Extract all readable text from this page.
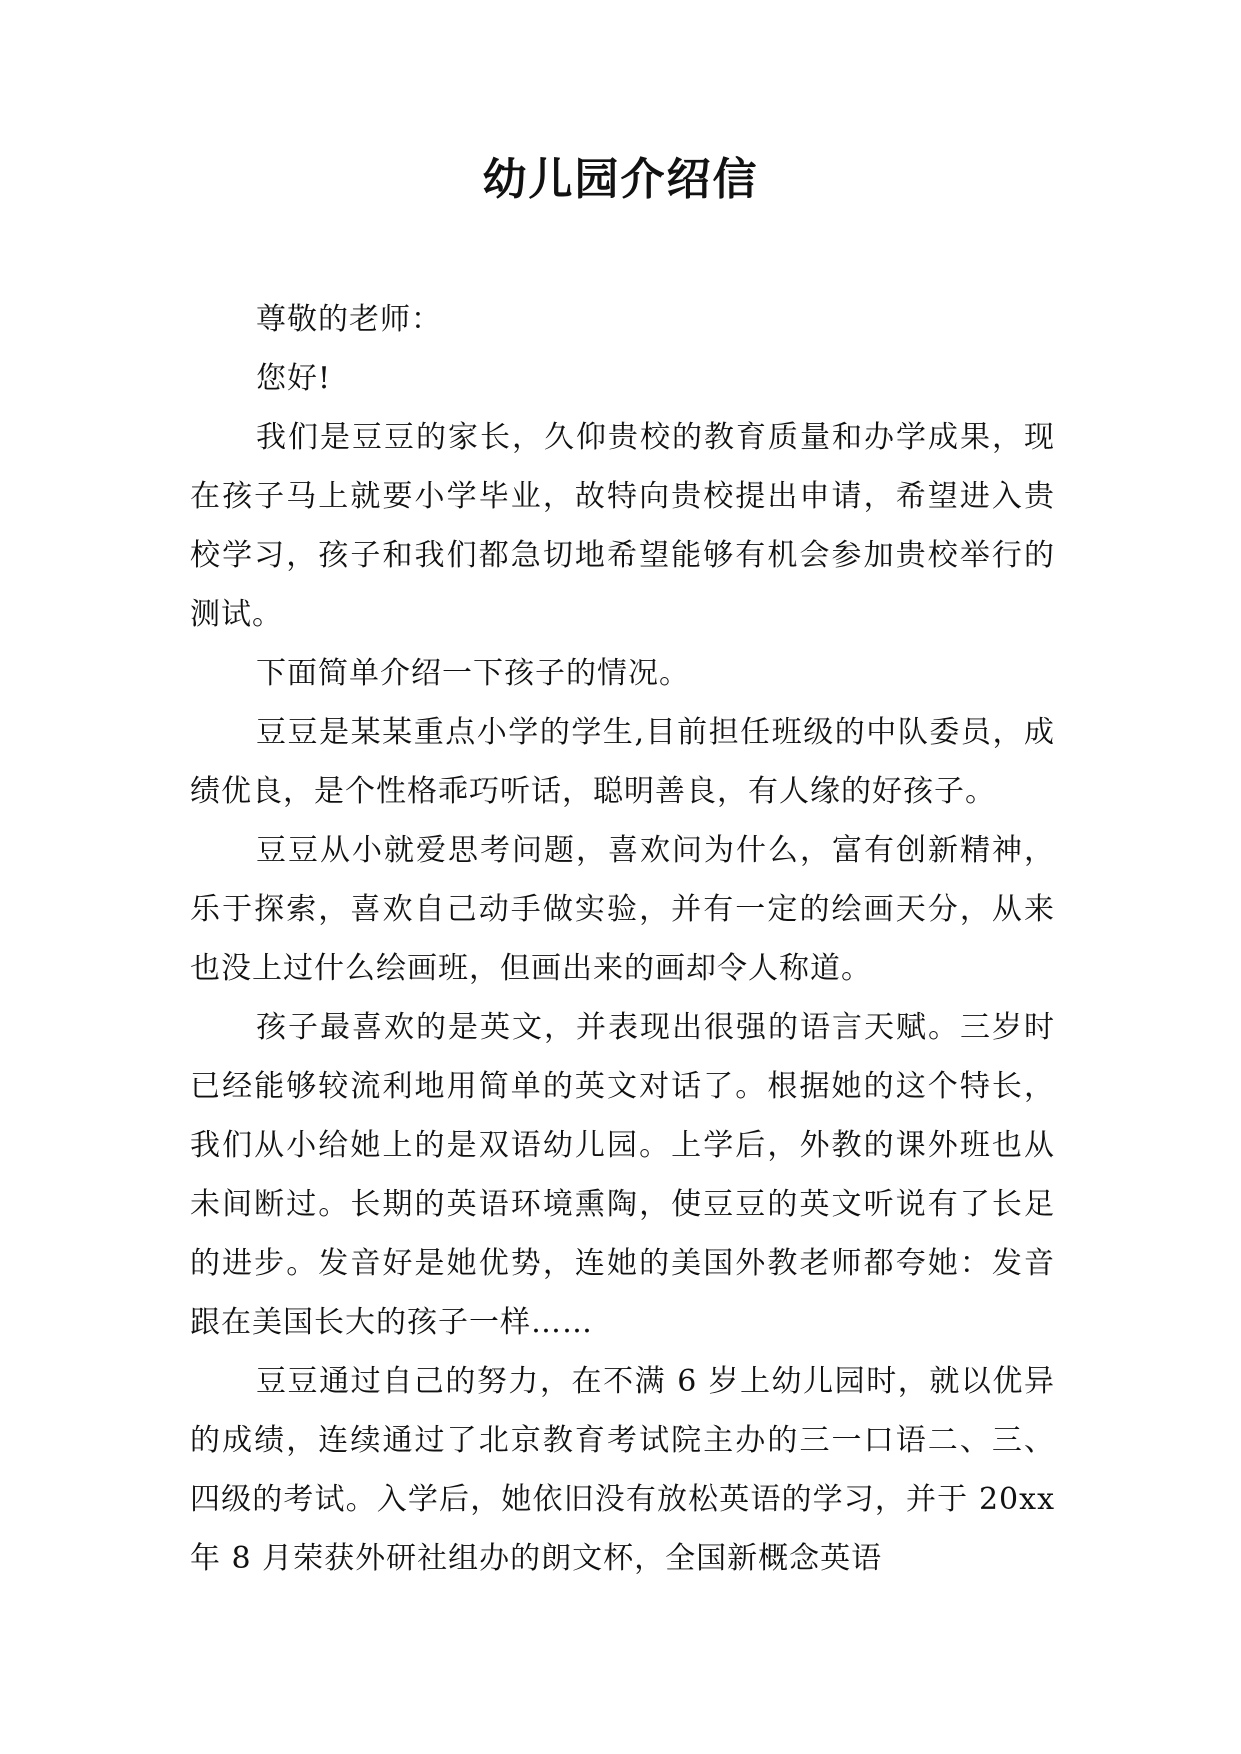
幼儿园介绍信

尊敬的老师：

您好!

我们是豆豆的家长，久仰贵校的教育质量和办学成果，现在孩子马上就要小学毕业，故特向贵校提出申请，希望进入贵校学习，孩子和我们都急切地希望能够有机会参加贵校举行的测试。

下面简单介绍一下孩子的情况。

豆豆是某某重点小学的学生,目前担任班级的中队委员，成绩优良，是个性格乖巧听话，聪明善良，有人缘的好孩子。

豆豆从小就爱思考问题，喜欢问为什么，富有创新精神，乐于探索，喜欢自己动手做实验，并有一定的绘画天分，从来也没上过什么绘画班，但画出来的画却令人称道。

孩子最喜欢的是英文，并表现出很强的语言天赋。三岁时已经能够较流利地用简单的英文对话了。根据她的这个特长，我们从小给她上的是双语幼儿园。上学后，外教的课外班也从未间断过。长期的英语环境熏陶，使豆豆的英文听说有了长足的进步。发音好是她优势，连她的美国外教老师都夸她：发音跟在美国长大的孩子一样……

豆豆通过自己的努力，在不满 6 岁上幼儿园时，就以优异的成绩，连续通过了北京教育考试院主办的三一口语二、三、四级的考试。入学后，她依旧没有放松英语的学习，并于 20xx 年 8 月荣获外研社组办的朗文杯，全国新概念英语
